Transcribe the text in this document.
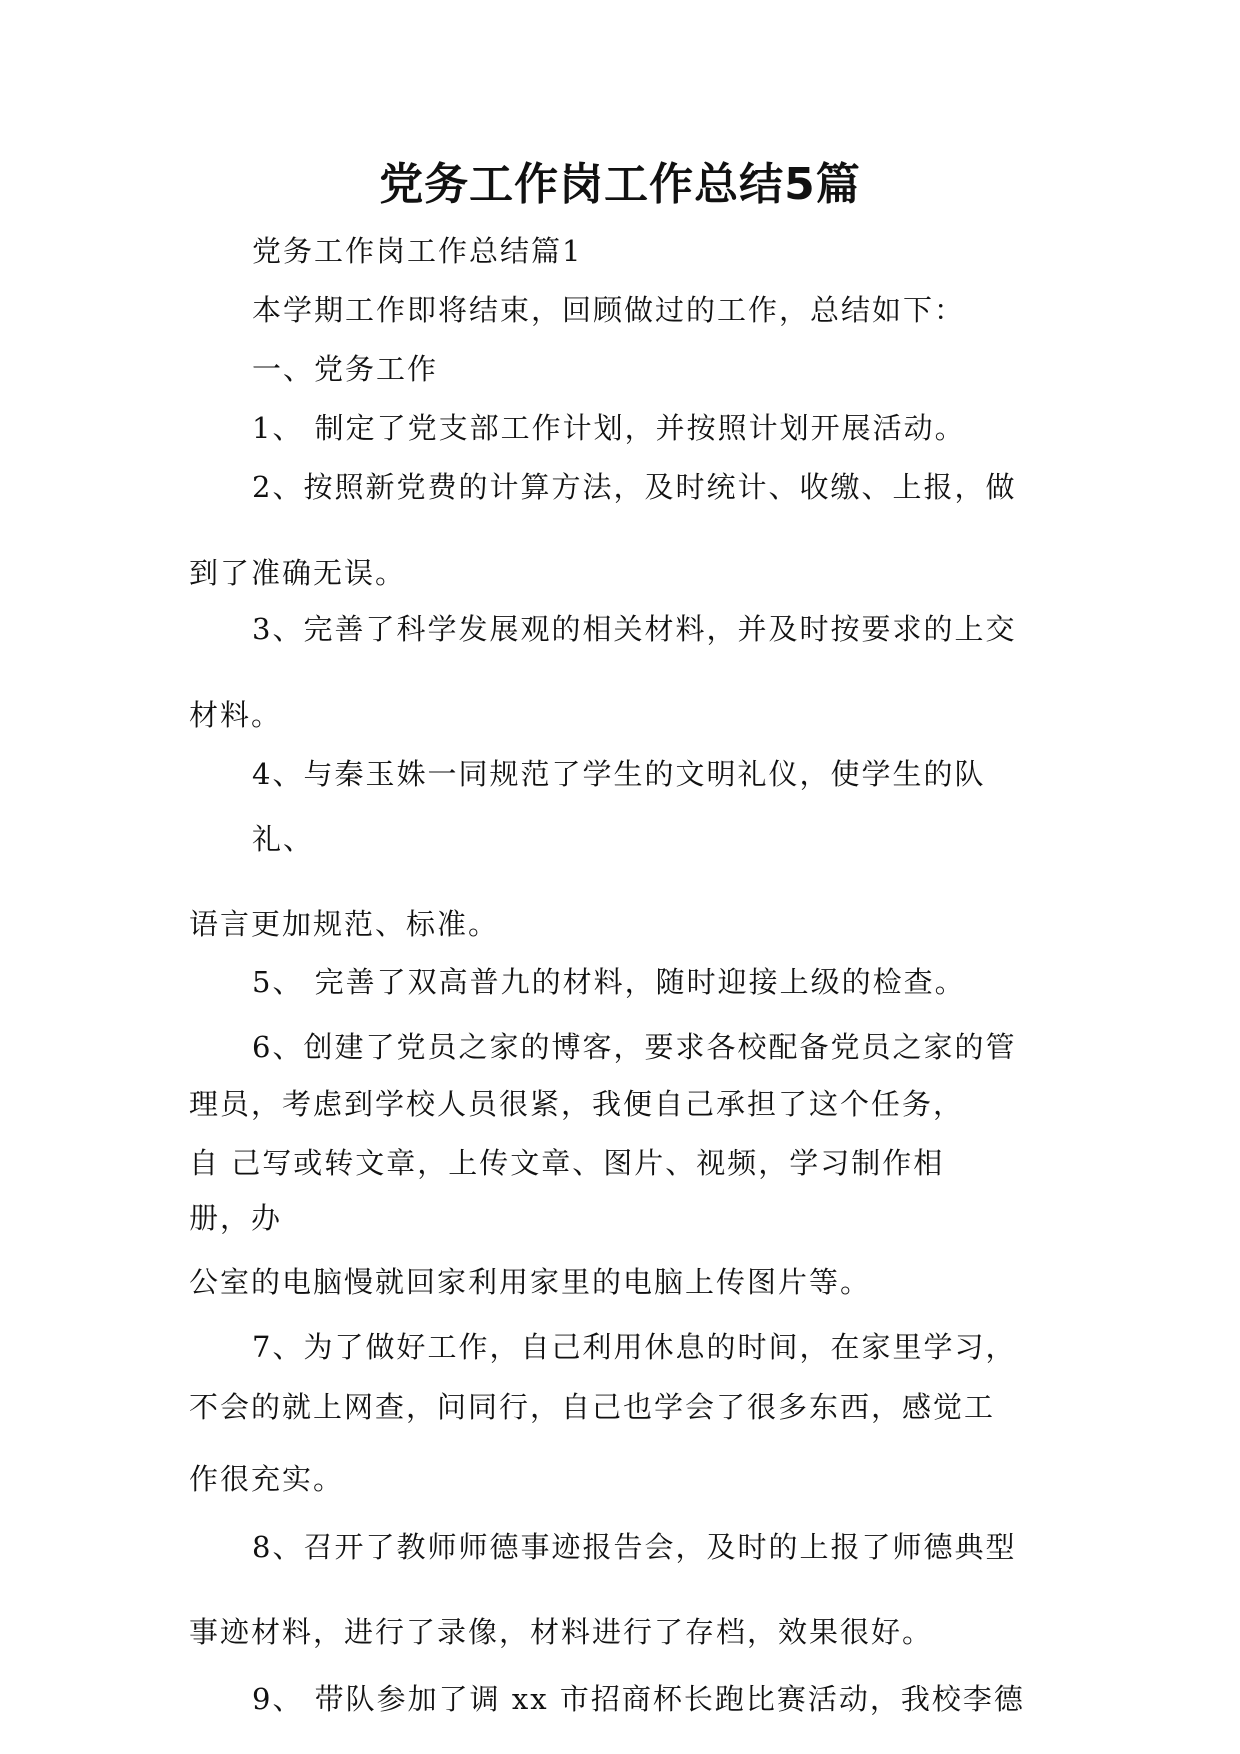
党务工作岗工作总结5篇
党务工作岗工作总结篇1
本学期工作即将结束，回顾做过的工作，总结如下：
一、党务工作
1、 制定了党支部工作计划，并按照计划开展活动。
2、按照新党费的计算方法，及时统计、收缴、上报，做
到了准确无误。
3、完善了科学发展观的相关材料，并及时按要求的上交
材料。
4、与秦玉姝一同规范了学生的文明礼仪，使学生的队
礼、
语言更加规范、标准。
5、 完善了双高普九的材料，随时迎接上级的检查。
6、创建了党员之家的博客，要求各校配备党员之家的管
理员，考虑到学校人员很紧，我便自己承担了这个任务，
自 己写或转文章，上传文章、图片、视频，学习制作相
册，办
公室的电脑慢就回家利用家里的电脑上传图片等。
7、为了做好工作，自己利用休息的时间，在家里学习，
不会的就上网查，问同行，自己也学会了很多东西，感觉工
作很充实。
8、召开了教师师德事迹报告会，及时的上报了师德典型
事迹材料，进行了录像，材料进行了存档，效果很好。
9、 带队参加了调 xx 市招商杯长跑比赛活动，我校李德
